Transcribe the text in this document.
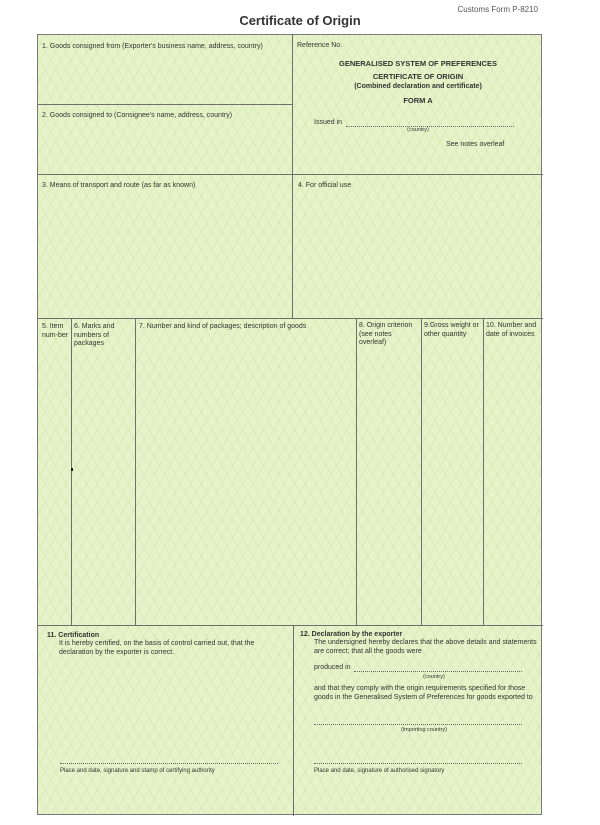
Customs Form P-8210
Certificate of Origin
1. Goods consigned from (Exporter's business name, address, country)
2. Goods consigned to (Consignee's name, address, country)
3. Means of transport and route (as far as known)	4. For official use
Reference No.
GENERALISED SYSTEM OF PREFERENCES
CERTIFICATE OF ORIGIN
(Combined declaration and certificate)
FORM A
Issued in
(country)
See notes overleaf
5. Item num-ber
6. Marks and numbers of packages
7. Number and kind of packages; description of goods	8. Origin criterion (see notes overleaf)
9.Gross weight or other quantity
10. Number and date of invoices
11. Certification
It is hereby certified, on the basis of control carried out, that the declaration by the exporter is correct.
Place and date, signature and stamp of certifying authority
12. Declaration by the exporter
The undersigned hereby declares that the above details and statements are correct; that all the goods were
produced in
(country)
and that they comply with the origin requirements specified for those goods in the Generalised System of Preferences for goods exported to
(importing country)
Place and date, signature of authorised signatory
